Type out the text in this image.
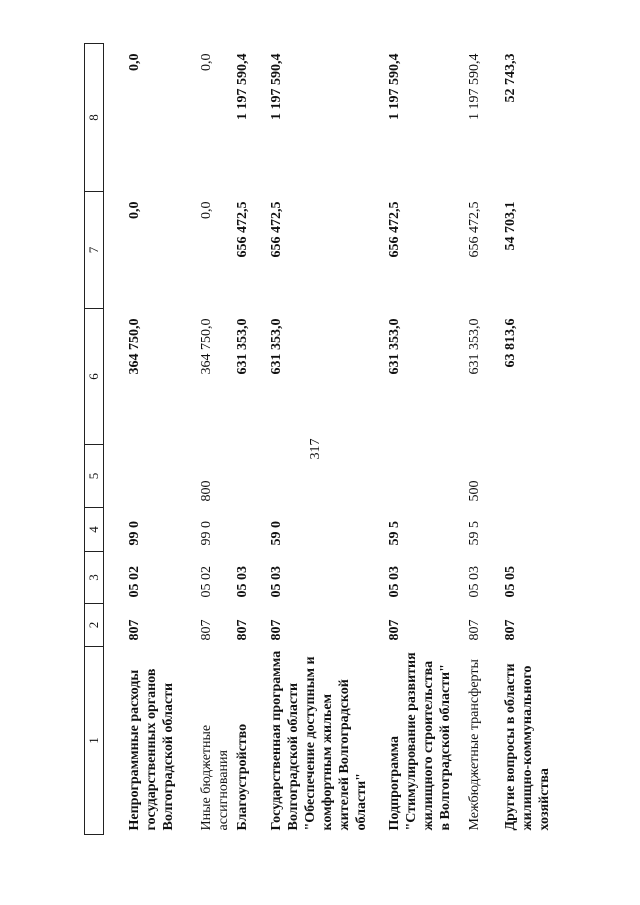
317
1	2	3	4	5	6	7	8
Непрограммные расходы государственных органов Волгоградской области	807	05 02	99 0		364 750,0	0,0	0,0
Иные бюджетные ассигнования	807	05 02	99 0	800	364 750,0	0,0	0,0
Благоустройство	807	05 03			631 353,0	656 472,5	1 197 590,4
Государственная программа Волгоградской области "Обеспечение доступным и комфортным жильем жителей Волгоградской области"	807	05 03	59 0		631 353,0	656 472,5	1 197 590,4
Подпрограмма "Стимулирование развития жилищного строительства в Волгоградской области"	807	05 03	59 5		631 353,0	656 472,5	1 197 590,4
Межбюджетные трансферты	807	05 03	59 5	500	631 353,0	656 472,5	1 197 590,4
Другие вопросы в области жилищно-коммунального хозяйства	807	05 05			63 813,6	54 703,1	52 743,3
